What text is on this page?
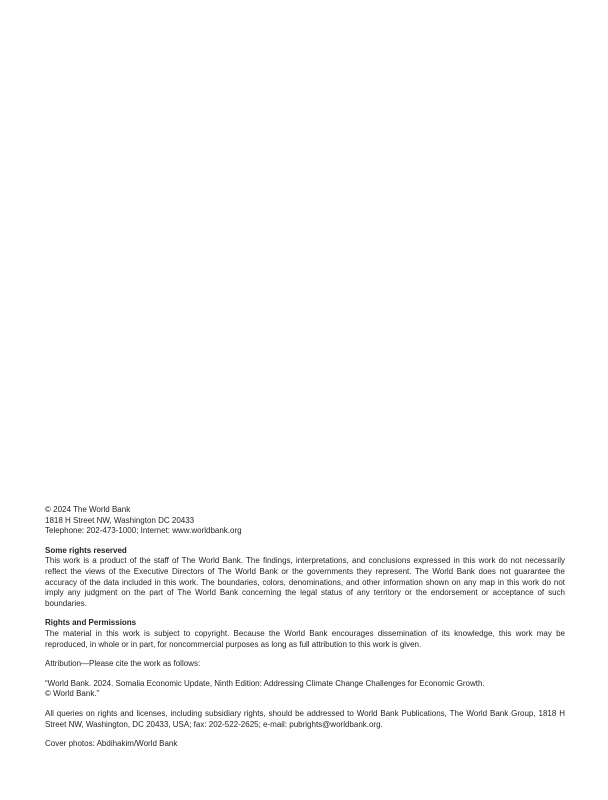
© 2024 The World Bank

1818 H Street NW, Washington DC 20433

Telephone: 202-473-1000; Internet: www.worldbank.org

Some rights reserved

This work is a product of the staff of The World Bank. The findings, interpretations, and conclusions expressed in this work do not necessarily reflect the views of the Executive Directors of The World Bank or the governments they represent. The World Bank does not guarantee the accuracy of the data included in this work. The boundaries, colors, denominations, and other information shown on any map in this work do not imply any judgment on the part of The World Bank concerning the legal status of any territory or the endorsement or acceptance of such boundaries.

Rights and Permissions

The material in this work is subject to copyright. Because the World Bank encourages dissemination of its knowledge, this work may be reproduced, in whole or in part, for noncommercial purposes as long as full attribution to this work is given.

Attribution—Please cite the work as follows:

“World Bank. 2024. Somalia Economic Update, Ninth Edition: Addressing Climate Change Challenges for Economic Growth.

© World Bank.”

All queries on rights and licenses, including subsidiary rights, should be addressed to World Bank Publications, The World Bank Group, 1818 H Street NW, Washington, DC 20433, USA; fax: 202-522-2625; e-mail: pubrights@worldbank.org.

Cover photos: Abdihakim/World Bank
